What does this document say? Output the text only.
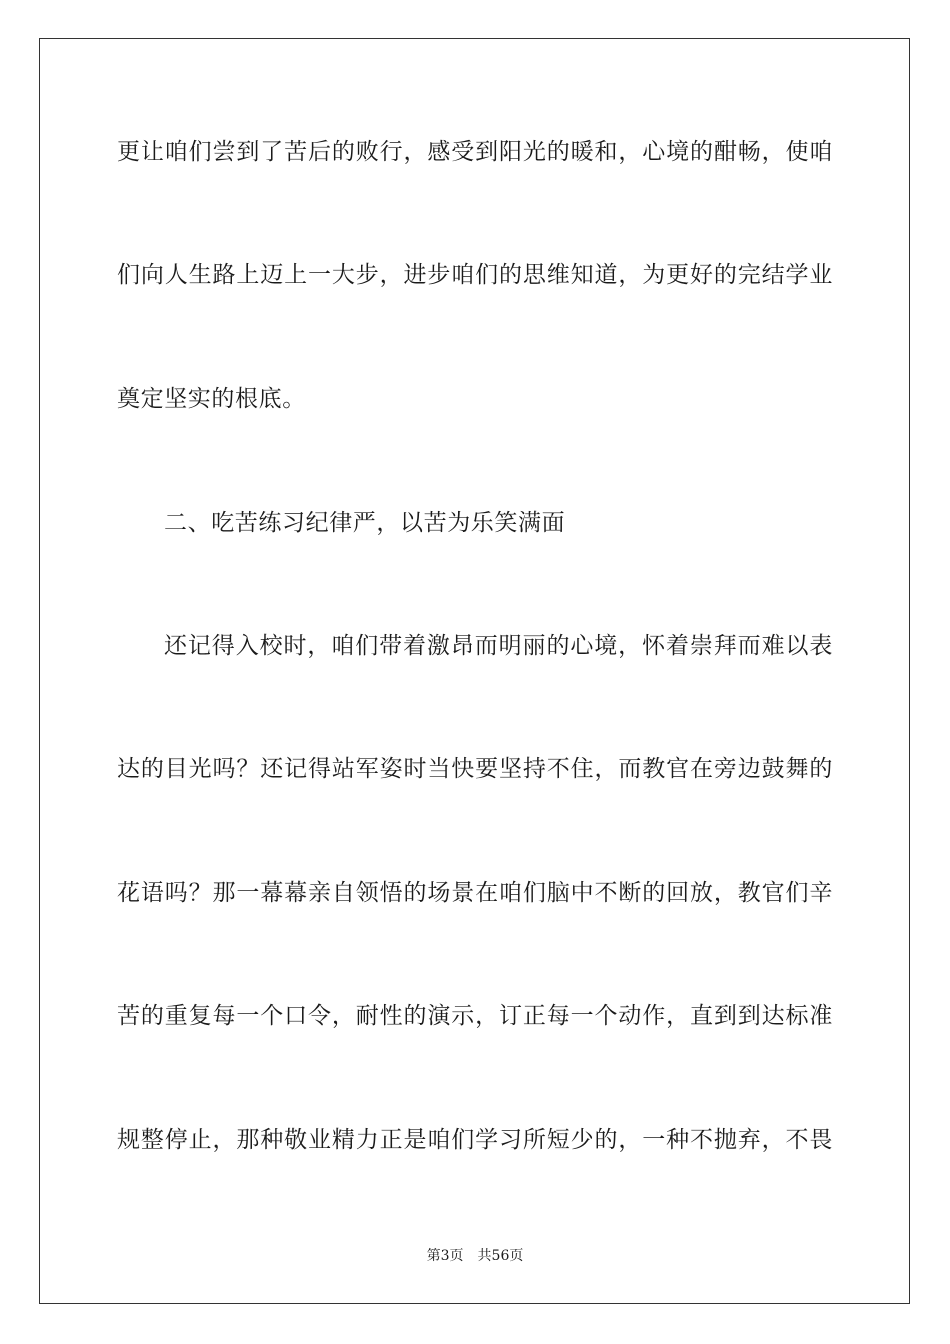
更让咱们尝到了苦后的败行，感受到阳光的暖和，心境的酣畅，使咱
们向人生路上迈上一大步，进步咱们的思维知道，为更好的完结学业
奠定坚实的根底。
二、吃苦练习纪律严，以苦为乐笑满面
还记得入校时，咱们带着激昂而明丽的心境，怀着崇拜而难以表
达的目光吗？还记得站军姿时当快要坚持不住，而教官在旁边鼓舞的
花语吗？那一幕幕亲自领悟的场景在咱们脑中不断的回放，教官们辛
苦的重复每一个口令，耐性的演示，订正每一个动作，直到到达标准
规整停止，那种敬业精力正是咱们学习所短少的，一种不抛弃，不畏
第3页 共56页
